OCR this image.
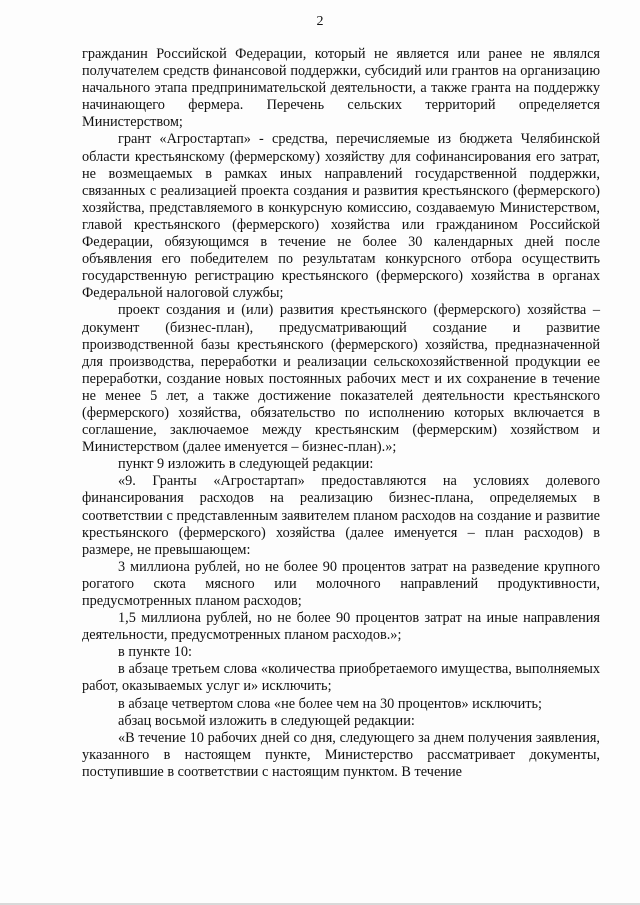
2

гражданин Российской Федерации, который не является или ранее не являлся получателем средств финансовой поддержки, субсидий или грантов на организацию начального этапа предпринимательской деятельности, а также гранта на поддержку начинающего фермера. Перечень сельских территорий определяется Министерством;

грант «Агростартап» - средства, перечисляемые из бюджета Челябинской области крестьянскому (фермерскому) хозяйству для софинансирования его затрат, не возмещаемых в рамках иных направлений государственной поддержки, связанных с реализацией проекта создания и развития крестьянского (фермерского) хозяйства, представляемого в конкурсную комиссию, создаваемую Министерством, главой крестьянского (фермерского) хозяйства или гражданином Российской Федерации, обязующимся в течение не более 30 календарных дней после объявления его победителем по результатам конкурсного отбора осуществить государственную регистрацию крестьянского (фермерского) хозяйства в органах Федеральной налоговой службы;

проект создания и (или) развития крестьянского (фермерского) хозяйства – документ (бизнес-план), предусматривающий создание и развитие производственной базы крестьянского (фермерского) хозяйства, предназначенной для производства, переработки и реализации сельскохозяйственной продукции ее переработки, создание новых постоянных рабочих мест и их сохранение в течение не менее 5 лет, а также достижение показателей деятельности крестьянского (фермерского) хозяйства, обязательство по исполнению которых включается в соглашение, заключаемое между крестьянским (фермерским) хозяйством и Министерством (далее именуется – бизнес-план).»;

пункт 9 изложить в следующей редакции:

«9. Гранты «Агростартап» предоставляются на условиях долевого финансирования расходов на реализацию бизнес-плана, определяемых в соответствии с представленным заявителем планом расходов на создание и развитие крестьянского (фермерского) хозяйства (далее именуется – план расходов) в размере, не превышающем:

3 миллиона рублей, но не более 90 процентов затрат на разведение крупного рогатого скота мясного или молочного направлений продуктивности, предусмотренных планом расходов;

1,5 миллиона рублей, но не более 90 процентов затрат на иные направления деятельности, предусмотренных планом расходов.»;

в пункте 10:

в абзаце третьем слова «количества приобретаемого имущества, выполняемых работ, оказываемых услуг и» исключить;

в абзаце четвертом слова «не более чем на 30 процентов» исключить;

абзац восьмой изложить в следующей редакции:

«В течение 10 рабочих дней со дня, следующего за днем получения заявления, указанного в настоящем пункте, Министерство рассматривает документы, поступившие в соответствии с настоящим пунктом. В течение
